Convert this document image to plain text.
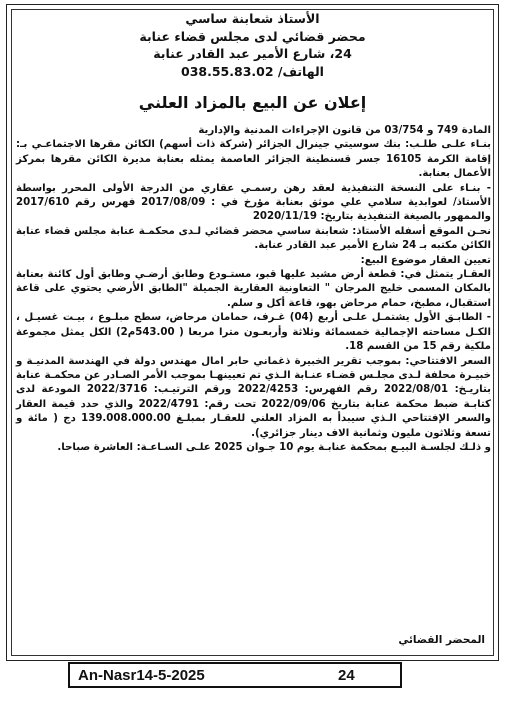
الأستاذ شعابنة ساسي
محضر قضائي لدى مجلس قضاء عنابة
24، شارع الأمير عبد القادر عنابة
الهاتف/ 038.55.83.02
إعلان عن البيع بالمزاد العلني

المادة 749 و 03/754 من قانون الإجراءات المدنية والإدارية

بنـاء علـى طلـب: بنك سوسيتي جينرال الجزائر (شركة ذات أسهم) الكائن مقرها الاجتماعـي بـ: إقامة الكرمة 16105 جسر قسنطينة الجزائر العاصمة يمثله بعنابة مديرة الكائن مقرها بمركز الأعمال بعنابة.

- بنـاء على النسخة التنفيذية لعقد رهن رسمـي عقاري من الدرجة الأولى المحرر بواسطة الأستاذ/ لعوابدية سلامي علي موثق بعنابة مؤرخ في : 2017/08/09 فهرس رقم 2017/610 والممهور بالصيغة التنفيذية بتاريخ: 2020/11/19

نحـن الموقع أسفله الأستاذ: شعابنة ساسي محضر قضائي لـدى محكمـة عنابة مجلس قضاء عنابة الكائن مكتبه بـ 24 شارع الأمير عبد القادر عنابة.

تعيين العقار موضوع البيع:

العقـار يتمثل في: قطعة أرض مشيد عليها قبو، مستـودع وطابق أرضـي وطابق أول كائنة بعنابة بالمكان المسمى خليج المرجان " التعاونية العقارية الجميلة "الطابق الأرضي يحتوي على قاعة استقبال، مطبخ، حمام مرحاض بهو، قاعة أكل و سلم.

- الطابـق الأول يشتمـل علـى أربع (04) غـرف، حمامان مرحاض، سطح مبلـوع ، بيـت غسيـل ، الكـل مساحته الإجمالية خمسمائة وثلاثة وأربعـون مترا مربعا ( 543.00م2) الكل يمثل مجموعة ملكية رقم 15 من القسم 18.

السعر الافتتاحي: بموجب تقرير الخبيرة ذغماني حابر امال مهندس دولة في الهندسة المدنيـة و خبيـرة محلفة لـدى مجلـس قضـاء عنـابة الـذي تم تعيينهـا بموجب الأمر الصـادر عن محكمـة عنابة بتاريـخ: 2022/08/01 رقم الفهرس: 2022/4253 ورقم الترتيـب: 2022/3716 المودعة لدى كتابـة ضبط محكمة عنابة بتاريخ 2022/09/06 تحت رقم: 2022/4791 والذي حدد قيمة العقار والسعر الإفتتاحي الـذي سيبدأ به المزاد العلني للعقـار بمبلـغ 139.008.000.00 دج ( مائة و تسعة وثلاثون مليون وثمانية الاف دينار جزائري).

و ذلـك لجلسـة البيـع بمحكمة عنابـة يوم 10 جـوان 2025 علـى السـاعـة: العاشرة صباحا.

المحضر القضائي
An-Nasr14-5-2025	24
